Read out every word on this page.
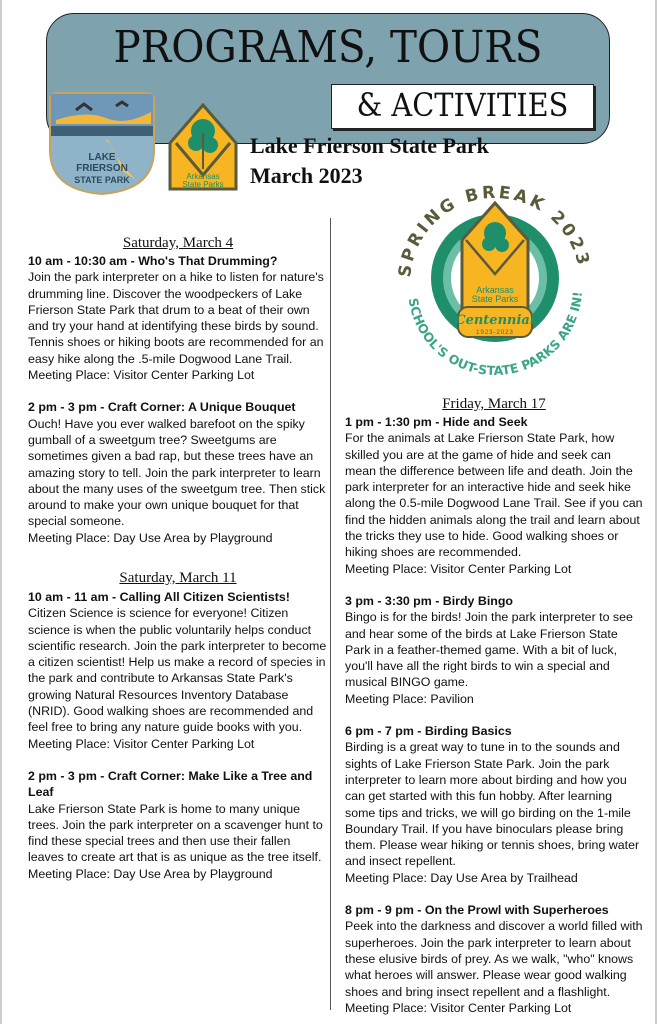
PROGRAMS, TOURS
& ACTIVITIES
LAKE
FRIERSON
STATE PARK	Arkansas
State Parks
Lake Frierson State Park
March 2023
SPRING BREAK 2023
SCHOOL'S OUT-STATE PARKS ARE IN!
Arkansas
State Parks
Centennial
1923-2023
Saturday, March 4
10 am - 10:30 am - Who's That Drumming?
Join the park interpreter on a hike to listen for nature's drumming line. Discover the woodpeckers of Lake Frierson State Park that drum to a beat of their own and try your hand at identifying these birds by sound. Tennis shoes or hiking boots are recommended for an easy hike along the .5-mile Dogwood Lane Trail.
Meeting Place: Visitor Center Parking Lot
2 pm - 3 pm - Craft Corner: A Unique Bouquet
Ouch! Have you ever walked barefoot on the spiky gumball of a sweetgum tree? Sweetgums are sometimes given a bad rap, but these trees have an amazing story to tell. Join the park interpreter to learn about the many uses of the sweetgum tree. Then stick around to make your own unique bouquet for that special someone.
Meeting Place: Day Use Area by Playground
Saturday, March 11
10 am - 11 am - Calling All Citizen Scientists!
Citizen Science is science for everyone! Citizen science is when the public voluntarily helps conduct scientific research. Join the park interpreter to become a citizen scientist! Help us make a record of species in the park and contribute to Arkansas State Park's growing Natural Resources Inventory Database (NRID). Good walking shoes are recommended and feel free to bring any nature guide books with you.
Meeting Place: Visitor Center Parking Lot
2 pm - 3 pm - Craft Corner: Make Like a Tree and Leaf
Lake Frierson State Park is home to many unique trees. Join the park interpreter on a scavenger hunt to find these special trees and then use their fallen leaves to create art that is as unique as the tree itself.
Meeting Place: Day Use Area by Playground
Friday, March 17
1 pm - 1:30 pm - Hide and Seek
For the animals at Lake Frierson State Park, how skilled you are at the game of hide and seek can mean the difference between life and death. Join the park interpreter for an interactive hide and seek hike along the 0.5-mile Dogwood Lane Trail. See if you can find the hidden animals along the trail and learn about the tricks they use to hide. Good walking shoes or hiking shoes are recommended.
Meeting Place: Visitor Center Parking Lot
3 pm - 3:30 pm - Birdy Bingo
Bingo is for the birds! Join the park interpreter to see and hear some of the birds at Lake Frierson State Park in a feather-themed game. With a bit of luck, you'll have all the right birds to win a special and musical BINGO game.
Meeting Place: Pavilion
6 pm - 7 pm - Birding Basics
Birding is a great way to tune in to the sounds and sights of Lake Frierson State Park. Join the park interpreter to learn more about birding and how you can get started with this fun hobby. After learning some tips and tricks, we will go birding on the 1-mile Boundary Trail. If you have binoculars please bring them. Please wear hiking or tennis shoes, bring water and insect repellent.
Meeting Place: Day Use Area by Trailhead
8 pm - 9 pm - On the Prowl with Superheroes
Peek into the darkness and discover a world filled with superheroes. Join the park interpreter to learn about these elusive birds of prey. As we walk, "who" knows what heroes will answer. Please wear good walking shoes and bring insect repellent and a flashlight.
Meeting Place: Visitor Center Parking Lot
